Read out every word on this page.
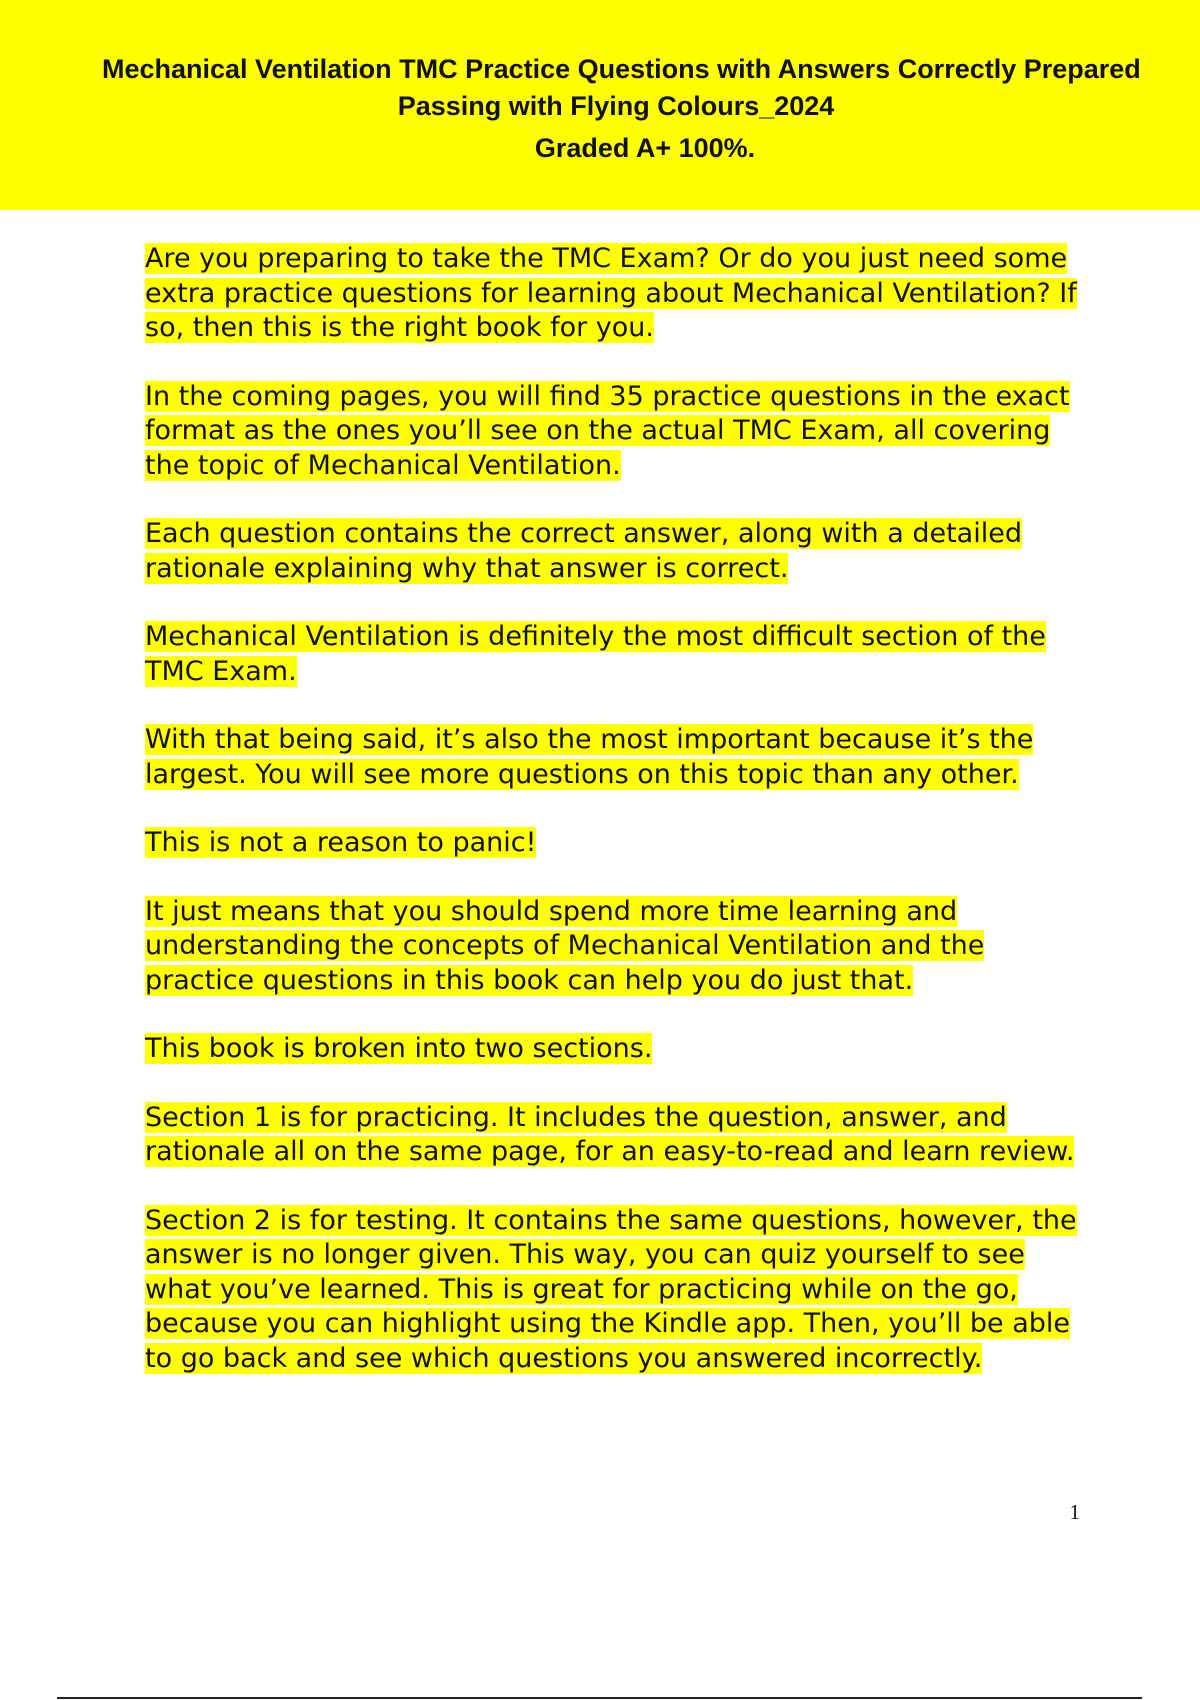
Mechanical Ventilation TMC Practice Questions with Answers Correctly Prepared

Passing with Flying Colours_2024

Graded A+ 100%.

Are you preparing to take the TMC Exam? Or do you just need some extra practice questions for learning about Mechanical Ventilation? If so, then this is the right book for you.

In the coming pages, you will find 35 practice questions in the exact format as the ones you’ll see on the actual TMC Exam, all covering the topic of Mechanical Ventilation.

Each question contains the correct answer, along with a detailed rationale explaining why that answer is correct.

Mechanical Ventilation is definitely the most difficult section of the TMC Exam.

With that being said, it’s also the most important because it’s the largest. You will see more questions on this topic than any other.

This is not a reason to panic!

It just means that you should spend more time learning and understanding the concepts of Mechanical Ventilation and the practice questions in this book can help you do just that.

This book is broken into two sections.

Section 1 is for practicing. It includes the question, answer, and rationale all on the same page, for an easy-to-read and learn review.

Section 2 is for testing. It contains the same questions, however, the answer is no longer given. This way, you can quiz yourself to see what you’ve learned. This is great for practicing while on the go, because you can highlight using the Kindle app. Then, you’ll be able to go back and see which questions you answered incorrectly.

1
